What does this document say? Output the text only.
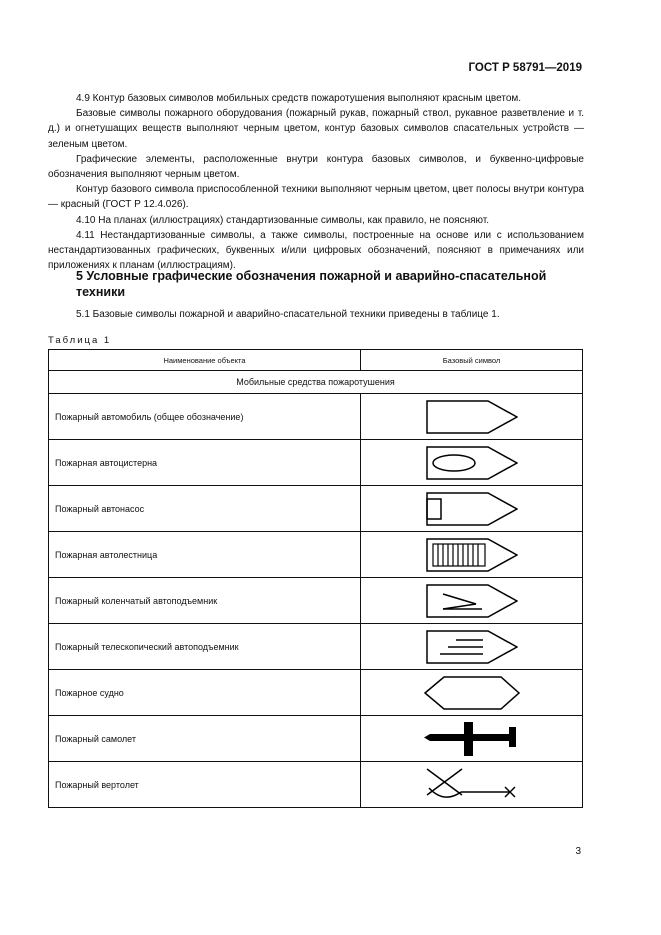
ГОСТ Р 58791—2019

4.9 Контур базовых символов мобильных средств пожаротушения выполняют красным цветом.

Базовые символы пожарного оборудования (пожарный рукав, пожарный ствол, рукавное разветвление и т. д.) и огнетушащих веществ выполняют черным цветом, контур базовых символов спасательных устройств — зеленым цветом.

Графические элементы, расположенные внутри контура базовых символов, и буквенно-цифровые обозначения выполняют черным цветом.

Контур базового символа приспособленной техники выполняют черным цветом, цвет полосы внутри контура — красный (ГОСТ Р 12.4.026).

4.10 На планах (иллюстрациях) стандартизованные символы, как правило, не поясняют.

4.11 Нестандартизованные символы, а также символы, построенные на основе или с использованием нестандартизованных графических, буквенных и/или цифровых обозначений, поясняют в примечаниях или приложениях к планам (иллюстрациям).

5 Условные графические обозначения пожарной и аварийно-спасательной техники
5.1 Базовые символы пожарной и аварийно-спасательной техники приведены в таблице 1.
Таблица 1
Наименование объекта	Базовый символ
Мобильные средства пожаротушения	
Пожарный автомобиль (общее обозначение)	

Пожарная автоцистерна	

Пожарный автонасос	

Пожарная автолестница	

Пожарный коленчатый автоподъемник	

Пожарный телескопический автоподъемник	

Пожарное судно	

Пожарный самолет	

Пожарный вертолет	
3
